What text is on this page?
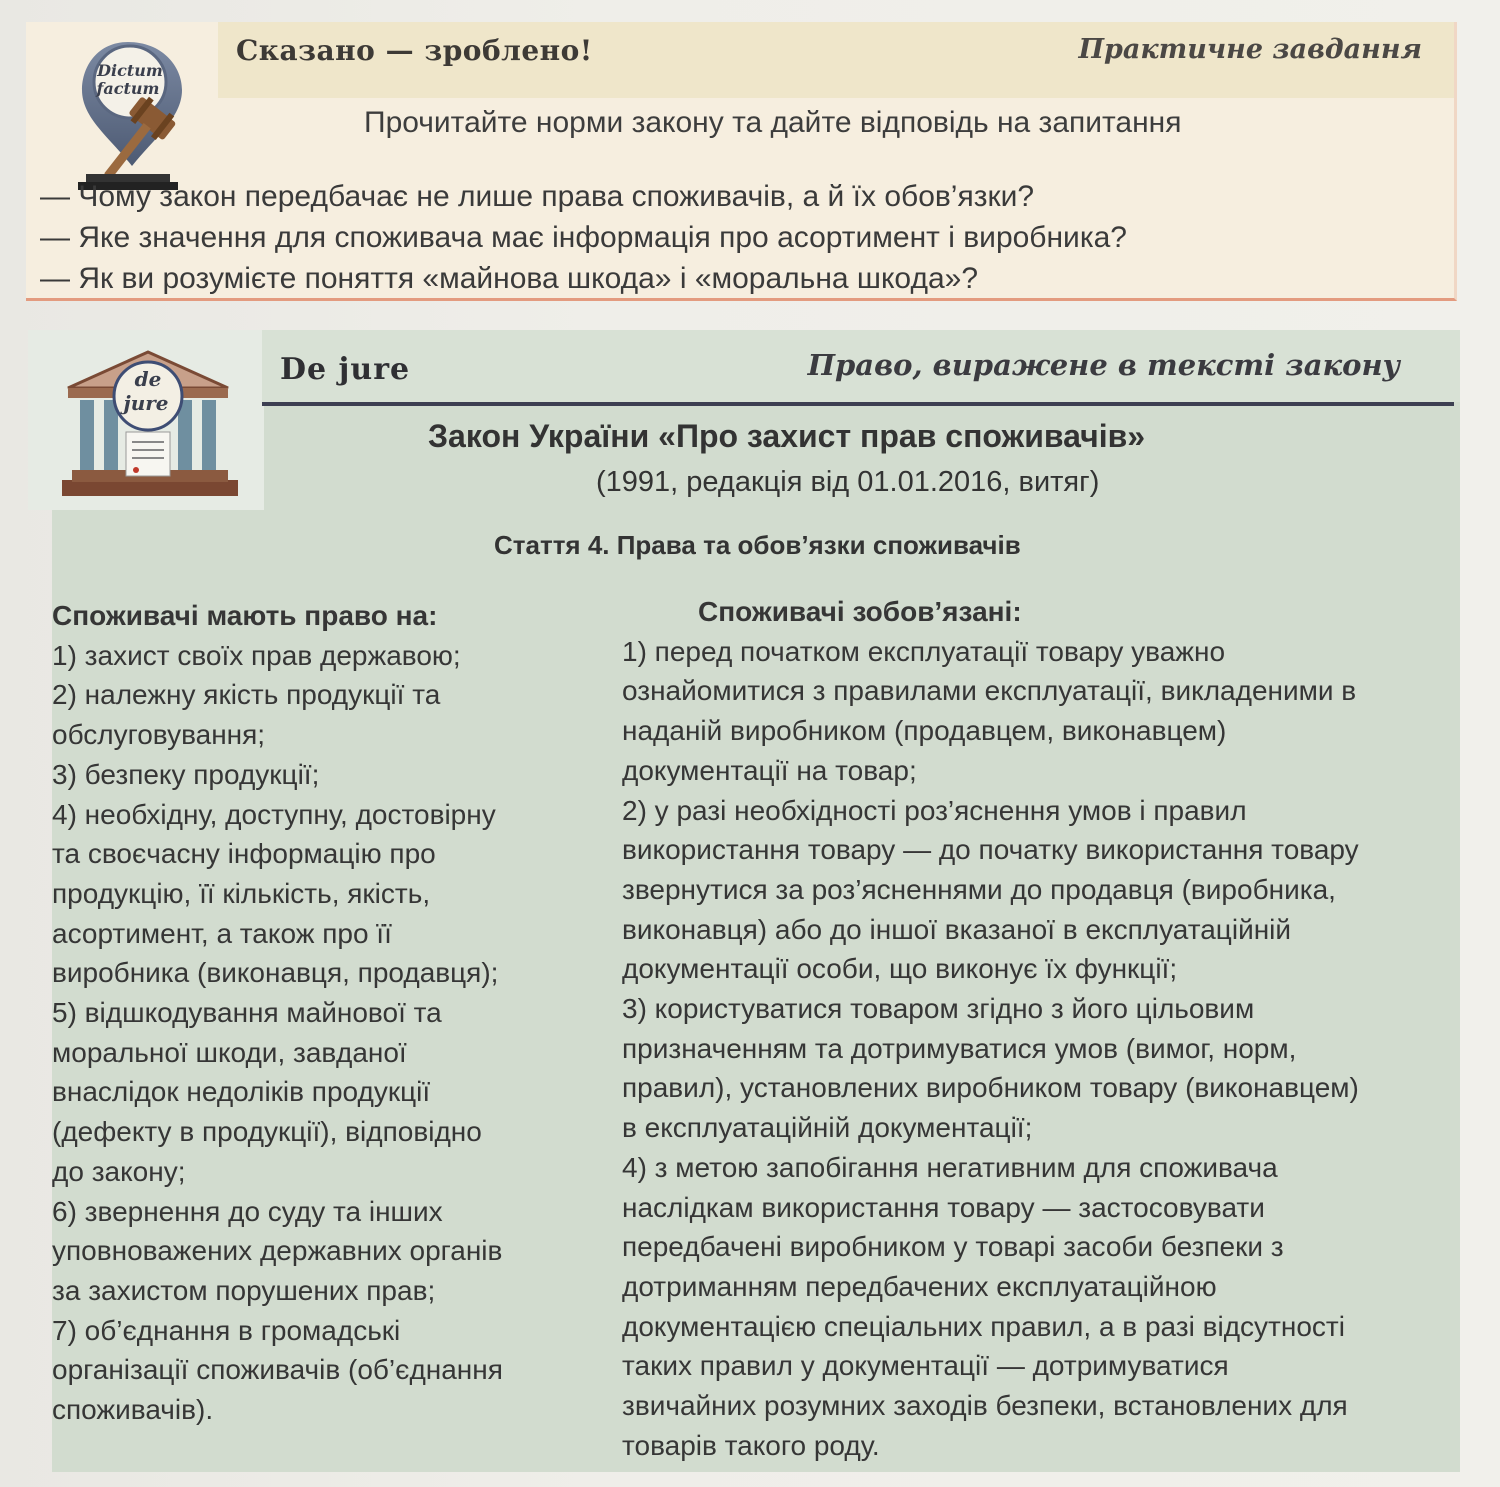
Dictum
factum
Сказано — зроблено!	Практичне завдання
Прочитайте норми закону та дайте відповідь на запитання
— Чому закон передбачає не лише права споживачів, а й їх обов’язки?
— Яке значення для споживача має інформація про асортимент і виробника?
— Як ви розумієте поняття «майнова шкода» і «моральна шкода»?
de
jure
De jure	Право, виражене в тексті закону
Закон України «Про захист прав споживачів»
(1991, редакція від 01.01.2016, витяг)
Стаття 4. Права та обов’язки споживачів
Споживачі мають право на:
1) захист своїх прав державою;
2) належну якість продукції та
обслуговування;
3) безпеку продукції;
4) необхідну, доступну, достовірну
та своєчасну інформацію про
продукцію, її кількість, якість,
асортимент, а також про її
виробника (виконавця, продавця);
5) відшкодування майнової та
моральної шкоди, завданої
внаслідок недоліків продукції
(дефекту в продукції), відповідно
до закону;
6) звернення до суду та інших
уповноважених державних органів
за захистом порушених прав;
7) об’єднання в громадські
організації споживачів (об’єднання
споживачів).
Споживачі зобов’язані:
1) перед початком експлуатації товару уважно
ознайомитися з правилами експлуатації, викладеними в
наданій виробником (продавцем, виконавцем)
документації на товар;
2) у разі необхідності роз’яснення умов і правил
використання товару — до початку використання товару
звернутися за роз’ясненнями до продавця (виробника,
виконавця) або до іншої вказаної в експлуатаційній
документації особи, що виконує їх функції;
3) користуватися товаром згідно з його цільовим
призначенням та дотримуватися умов (вимог, норм,
правил), установлених виробником товару (виконавцем)
в експлуатаційній документації;
4) з метою запобігання негативним для споживача
наслідкам використання товару — застосовувати
передбачені виробником у товарі засоби безпеки з
дотриманням передбачених експлуатаційною
документацією спеціальних правил, а в разі відсутності
таких правил у документації — дотримуватися
звичайних розумних заходів безпеки, встановлених для
товарів такого роду.
